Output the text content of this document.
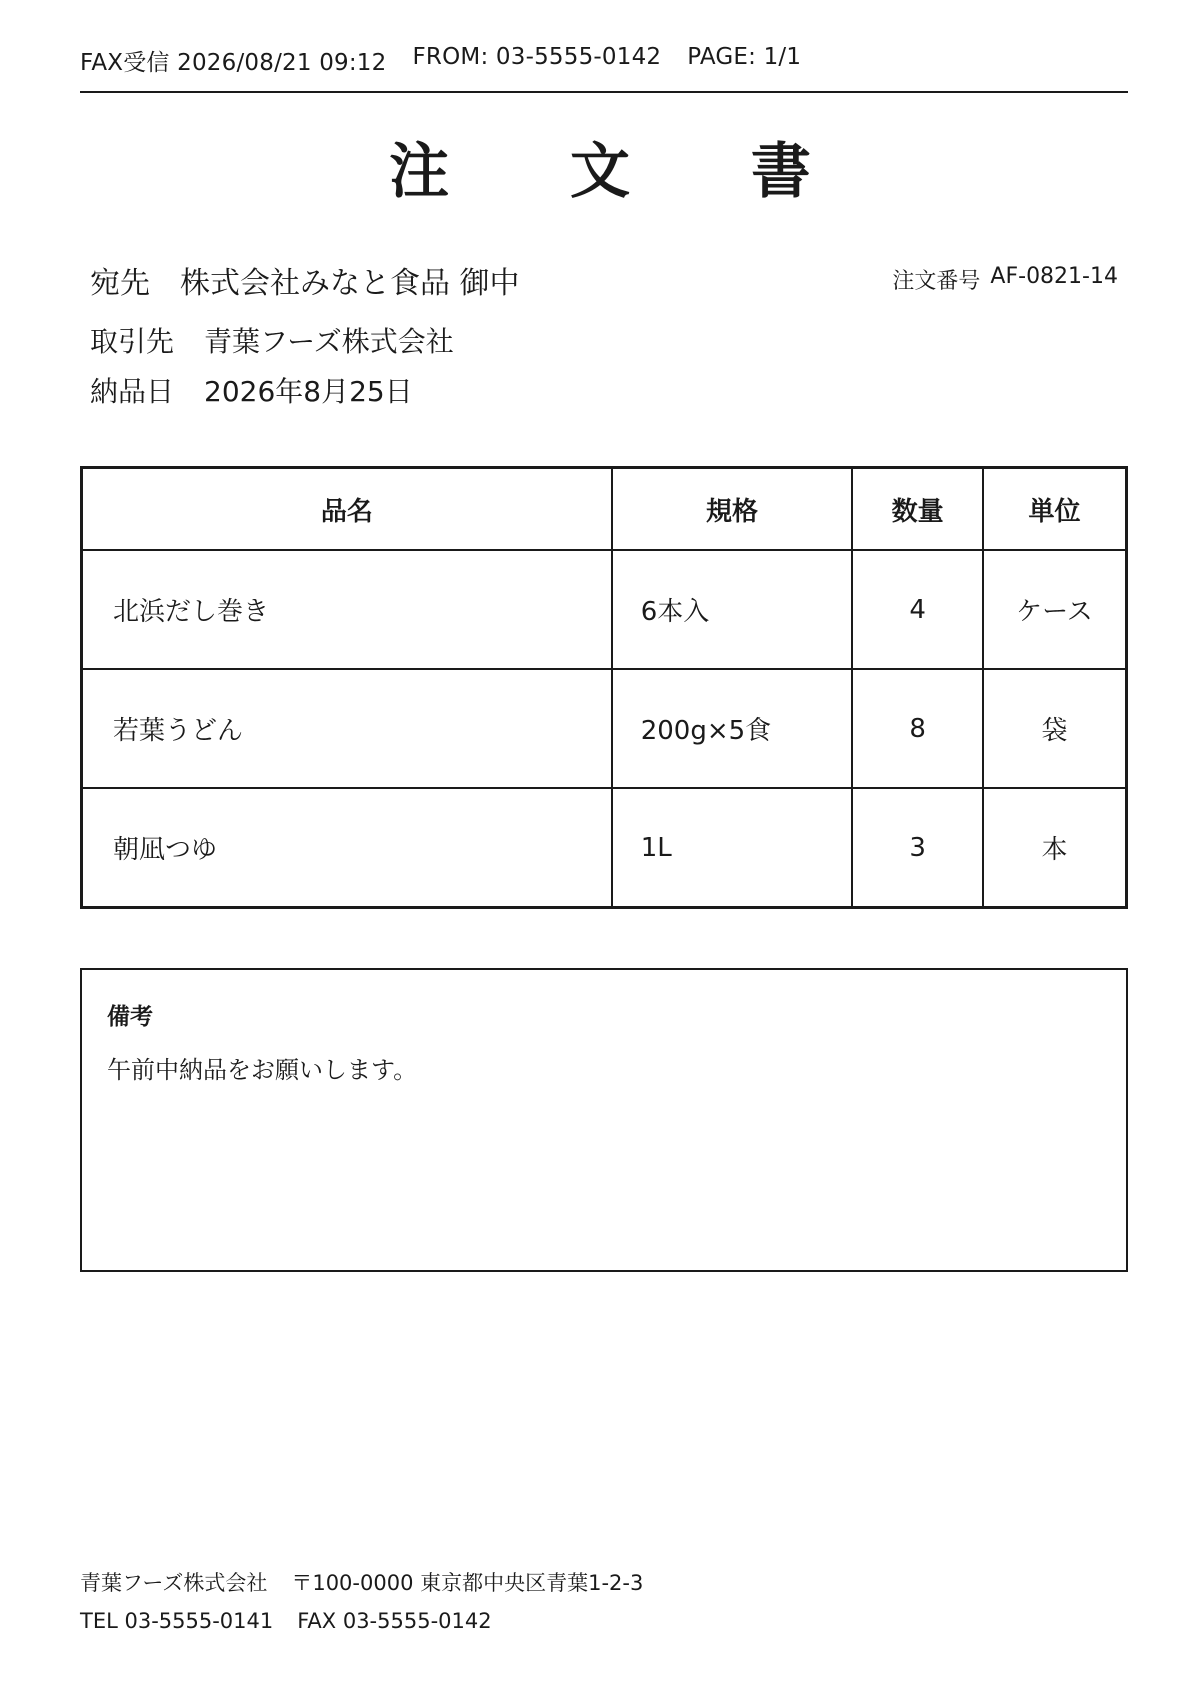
FAX受信 2026/08/21 09:12 FROM: 03-5555-0142 PAGE: 1/1
注 文 書
宛先 株式会社みなと食品 御中	注文番号 AF-0821-14
取引先 青葉フーズ株式会社
納品日 2026年8月25日
品名	規格	数量	単位
北浜だし巻き	6本入	4	ケース
若葉うどん	200g×5食	8	袋
朝凪つゆ	1L	3	本
備考
午前中納品をお願いします。
青葉フーズ株式会社 〒100-0000 東京都中央区青葉1-2-3
TEL 03-5555-0141 FAX 03-5555-0142
